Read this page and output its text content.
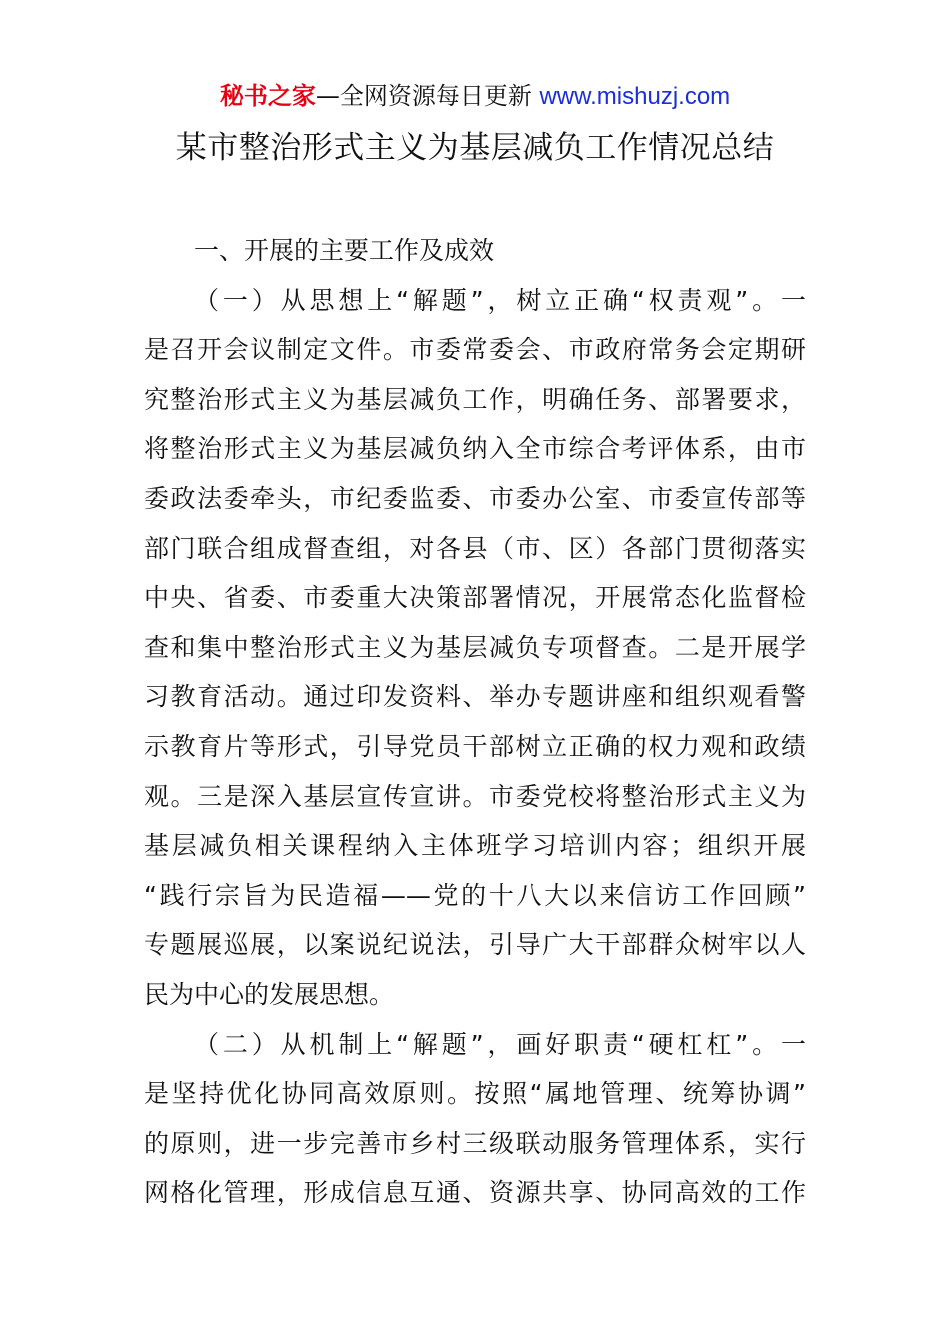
秘书之家—全网资源每日更新 www.mishuzj.com
某市整治形式主义为基层减负工作情况总结
一、开展的主要工作及成效
（一）从思想上“解题”，树立正确“权责观”。一
是召开会议制定文件。市委常委会、市政府常务会定期研
究整治形式主义为基层减负工作，明确任务、部署要求，
将整治形式主义为基层减负纳入全市综合考评体系，由市
委政法委牵头，市纪委监委、市委办公室、市委宣传部等
部门联合组成督查组，对各县（市、区）各部门贯彻落实
中央、省委、市委重大决策部署情况，开展常态化监督检
查和集中整治形式主义为基层减负专项督查。二是开展学
习教育活动。通过印发资料、举办专题讲座和组织观看警
示教育片等形式，引导党员干部树立正确的权力观和政绩
观。三是深入基层宣传宣讲。市委党校将整治形式主义为
基层减负相关课程纳入主体班学习培训内容；组织开展
“践行宗旨为民造福——党的十八大以来信访工作回顾”
专题展巡展，以案说纪说法，引导广大干部群众树牢以人
民为中心的发展思想。
（二）从机制上“解题”，画好职责“硬杠杠”。一
是坚持优化协同高效原则。按照“属地管理、统筹协调”
的原则，进一步完善市乡村三级联动服务管理体系，实行
网格化管理，形成信息互通、资源共享、协同高效的工作
